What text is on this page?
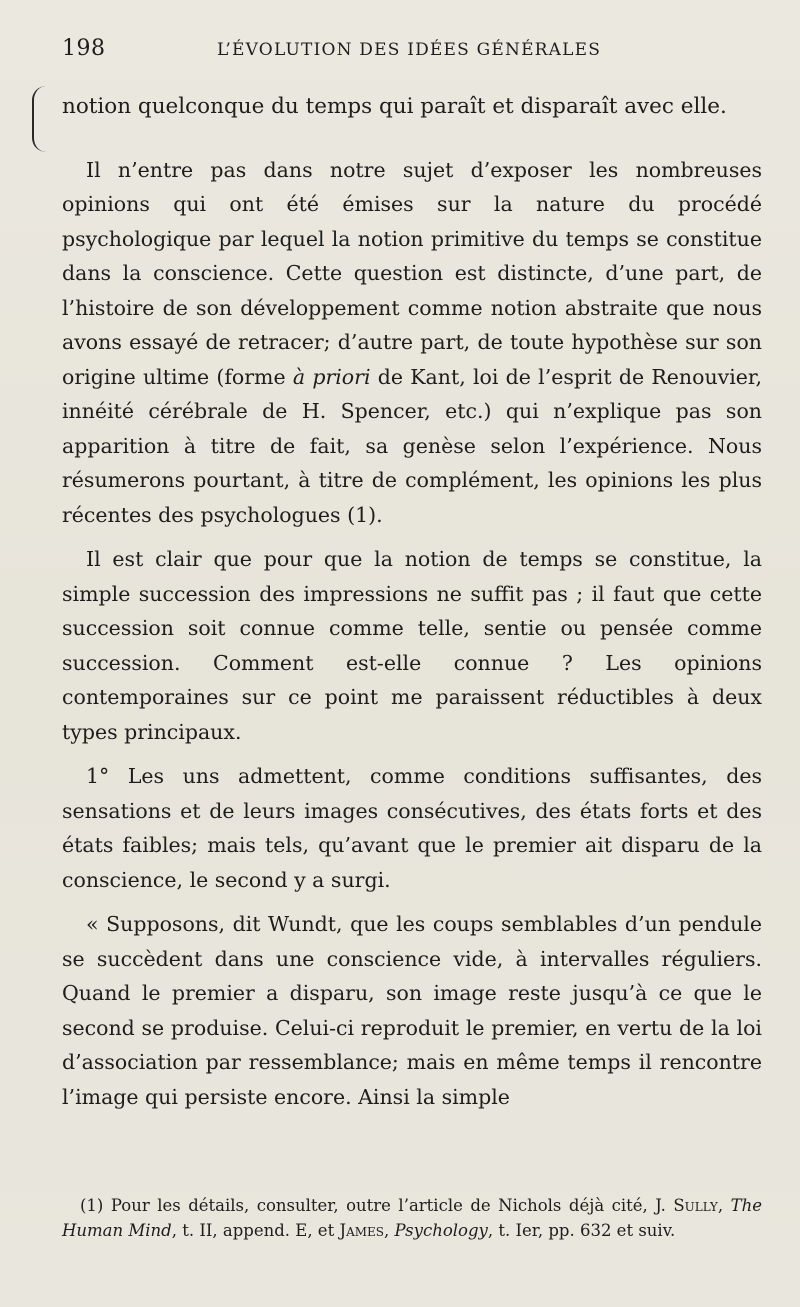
198	L’ÉVOLUTION DES IDÉES GÉNÉRALES

notion quelconque du temps qui paraît et disparaît avec elle.

Il n’entre pas dans notre sujet d’exposer les nombreuses opinions qui ont été émises sur la nature du procédé psychologique par lequel la notion primitive du temps se constitue dans la conscience. Cette question est distincte, d’une part, de l’histoire de son développement comme notion abstraite que nous avons essayé de retracer; d’autre part, de toute hypothèse sur son origine ultime (forme à priori de Kant, loi de l’esprit de Renouvier, innéité cérébrale de H. Spencer, etc.) qui n’explique pas son apparition à titre de fait, sa genèse selon l’expérience. Nous résumerons pourtant, à titre de complément, les opinions les plus récentes des psychologues (1).

Il est clair que pour que la notion de temps se constitue, la simple succession des impressions ne suffit pas ; il faut que cette succession soit connue comme telle, sentie ou pensée comme succession. Comment est-elle connue ? Les opinions contemporaines sur ce point me paraissent réductibles à deux types principaux.

1° Les uns admettent, comme conditions suffisantes, des sensations et de leurs images consécutives, des états forts et des états faibles; mais tels, qu’avant que le premier ait disparu de la conscience, le second y a surgi.

« Supposons, dit Wundt, que les coups semblables d’un pendule se succèdent dans une conscience vide, à intervalles réguliers. Quand le premier a disparu, son image reste jusqu’à ce que le second se produise. Celui-ci reproduit le premier, en vertu de la loi d’association par ressemblance; mais en même temps il rencontre l’image qui persiste encore. Ainsi la simple

(1) Pour les détails, consulter, outre l’article de Nichols déjà cité, J. Sully, The Human Mind, t. II, append. E, et James, Psychology, t. Ier, pp. 632 et suiv.
